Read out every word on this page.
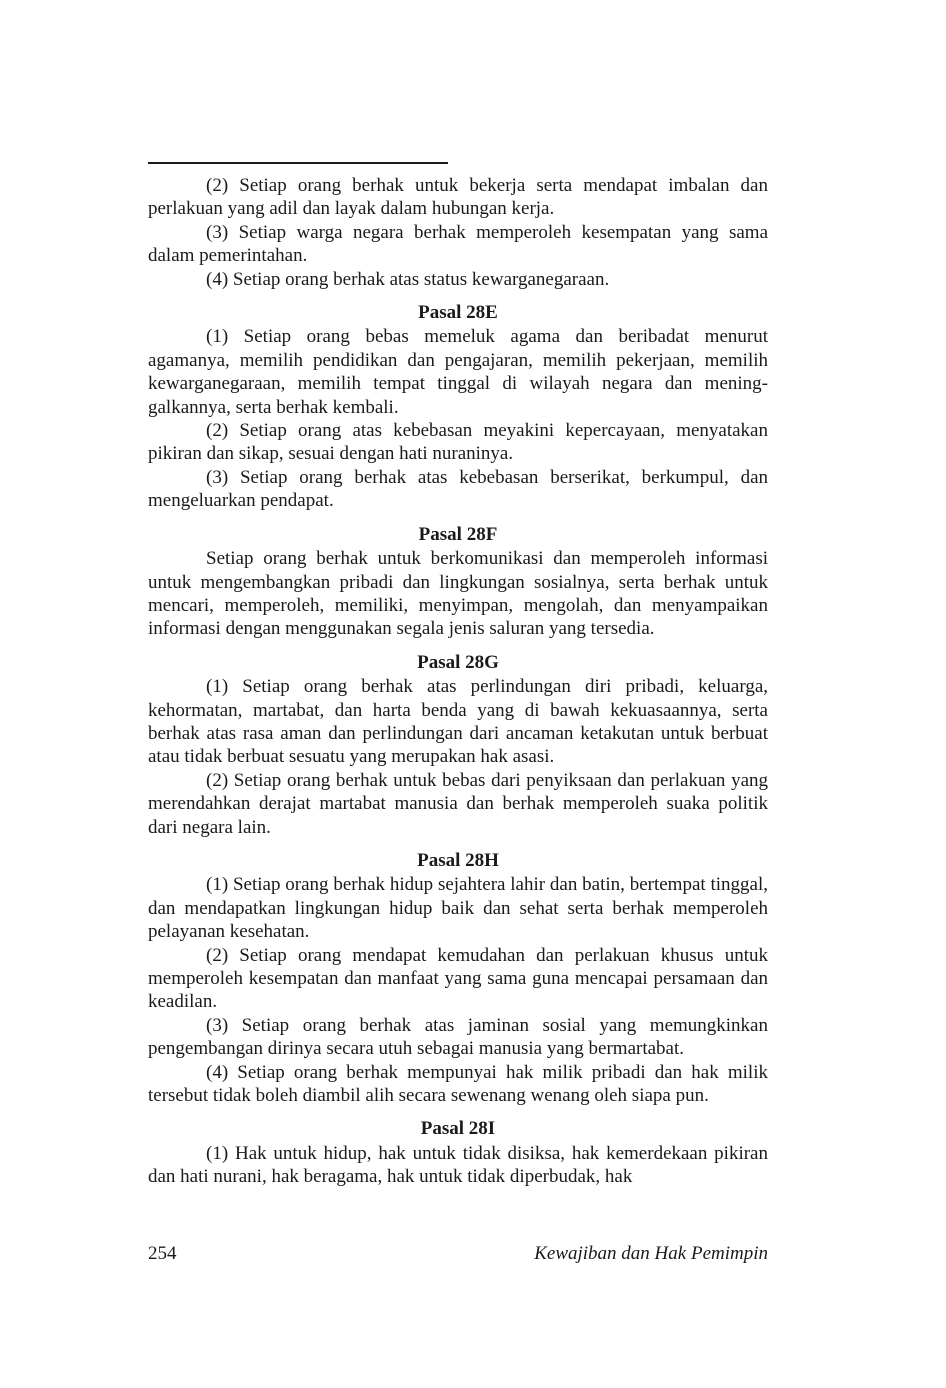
(2) Setiap orang berhak untuk bekerja serta mendapat imbalan dan perlakuan yang adil dan layak dalam hubungan kerja.

(3) Setiap warga negara berhak memperoleh kesempatan yang sama dalam pemerintahan.

(4) Setiap orang berhak atas status kewarganegaraan.

Pasal 28E

(1) Setiap orang bebas memeluk agama dan beribadat menurut agamanya, memilih pendidikan dan pengajaran, memilih pekerjaan, memilih kewarganegaraan, memilih tempat tinggal di wilayah negara dan mening-galkannya, serta berhak kembali.

(2) Setiap orang atas kebebasan meyakini kepercayaan, menyatakan pikiran dan sikap, sesuai dengan hati nuraninya.

(3) Setiap orang berhak atas kebebasan berserikat, berkumpul, dan mengeluarkan pendapat.

Pasal 28F

Setiap orang berhak untuk berkomunikasi dan memperoleh informasi untuk mengembangkan pribadi dan lingkungan sosialnya, serta berhak untuk mencari, memperoleh, memiliki, menyimpan, mengolah, dan menyampaikan informasi dengan menggunakan segala jenis saluran yang tersedia.

Pasal 28G

(1) Setiap orang berhak atas perlindungan diri pribadi, keluarga, kehormatan, martabat, dan harta benda yang di bawah kekuasaannya, serta berhak atas rasa aman dan perlindungan dari ancaman ketakutan untuk berbuat atau tidak berbuat sesuatu yang merupakan hak asasi.

(2) Setiap orang berhak untuk bebas dari penyiksaan dan perlakuan yang merendahkan derajat martabat manusia dan berhak memperoleh suaka politik dari negara lain.

Pasal 28H

(1) Setiap orang berhak hidup sejahtera lahir dan batin, bertempat tinggal, dan mendapatkan lingkungan hidup baik dan sehat serta berhak memperoleh pelayanan kesehatan.

(2) Setiap orang mendapat kemudahan dan perlakuan khusus untuk memperoleh kesempatan dan manfaat yang sama guna mencapai persamaan dan keadilan.

(3) Setiap orang berhak atas jaminan sosial yang memungkinkan pengembangan dirinya secara utuh sebagai manusia yang bermartabat.

(4) Setiap orang berhak mempunyai hak milik pribadi dan hak milik tersebut tidak boleh diambil alih secara sewenang wenang oleh siapa pun.

Pasal 28I

(1) Hak untuk hidup, hak untuk tidak disiksa, hak kemerdekaan pikiran dan hati nurani, hak beragama, hak untuk tidak diperbudak, hak

254	Kewajiban dan Hak Pemimpin
